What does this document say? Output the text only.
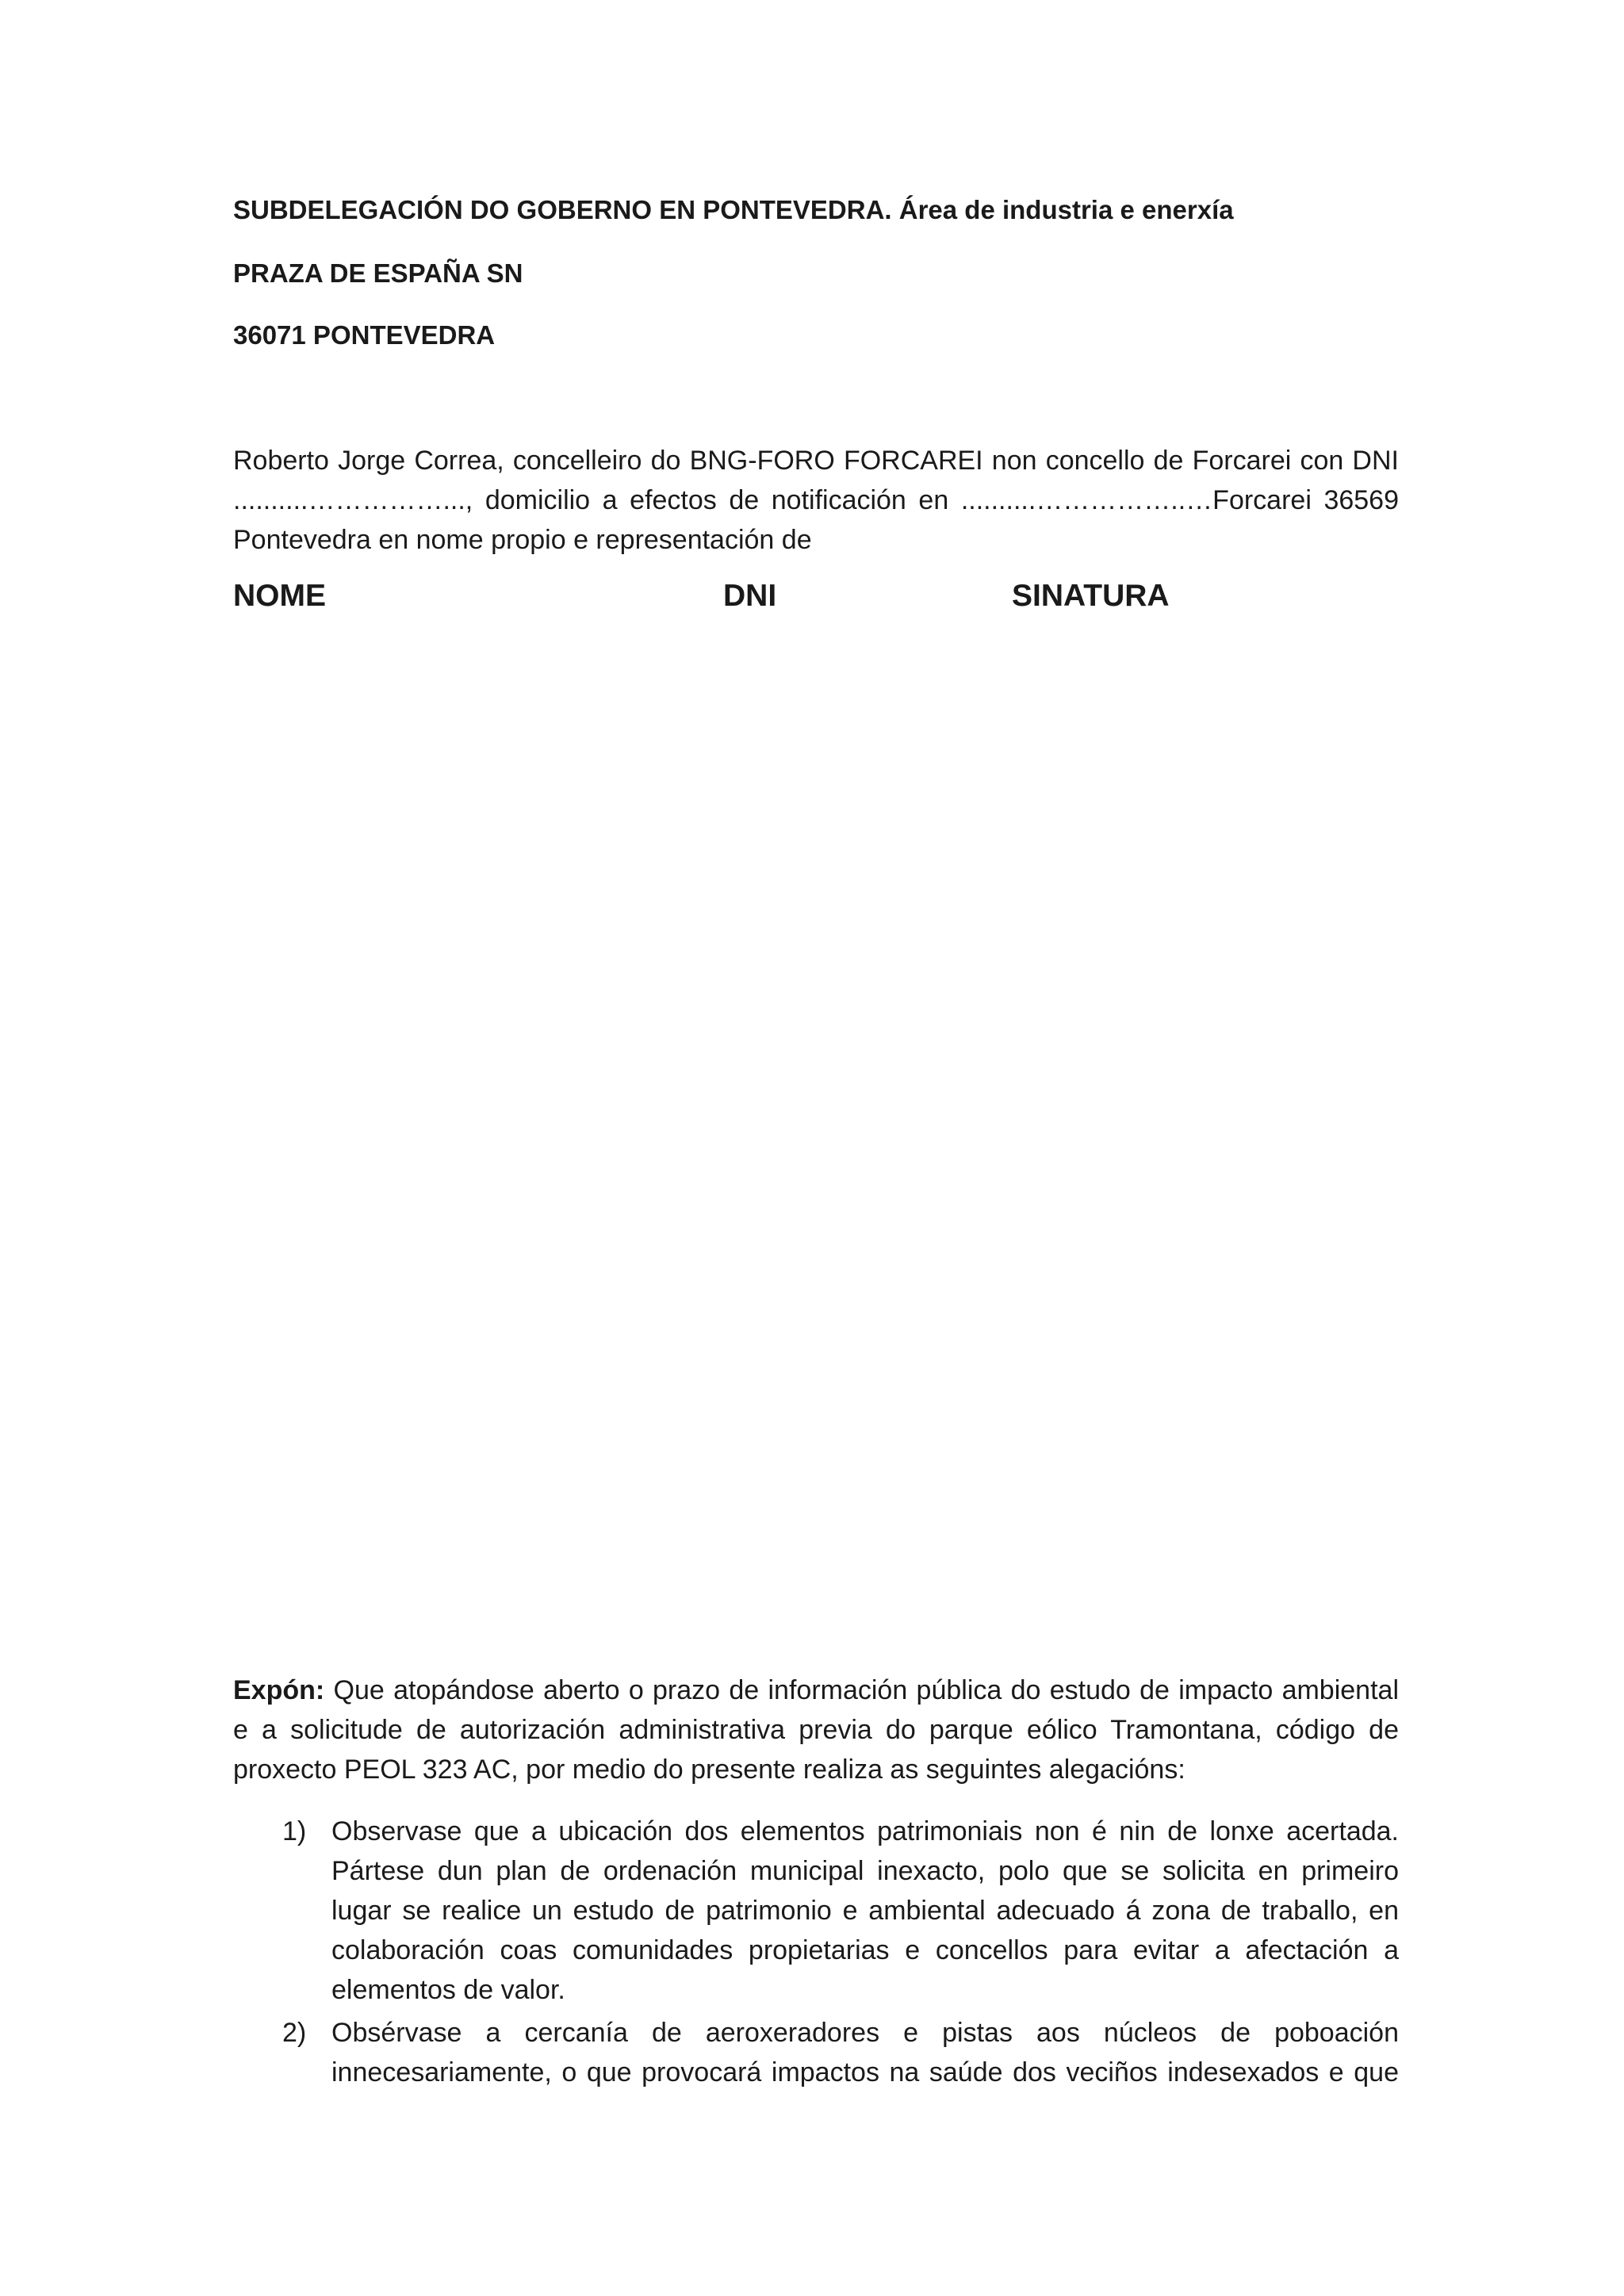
SUBDELEGACIÓN DO GOBERNO EN PONTEVEDRA. Área de industria e enerxía
PRAZA DE ESPAÑA SN
36071 PONTEVEDRA
Roberto Jorge Correa, concelleiro do BNG-FORO FORCAREI non concello de Forcarei con DNI
..........……………..., domicilio a efectos de notificación en ..........……………..…Forcarei 36569
Pontevedra en nome propio e representación de
NOME	DNI	SINATURA
Expón: Que atopándose aberto o prazo de información pública do estudo de impacto ambiental
e a solicitude de autorización administrativa previa do parque eólico Tramontana, código de
proxecto PEOL 323 AC, por medio do presente realiza as seguintes alegacións:
1) Observase que a ubicación dos elementos patrimoniais non é nin de lonxe acertada.
Pártese dun plan de ordenación municipal inexacto, polo que se solicita en primeiro
lugar se realice un estudo de patrimonio e ambiental adecuado á zona de traballo, en
colaboración coas comunidades propietarias e concellos para evitar a afectación a
elementos de valor.
2) Obsérvase a cercanía de aeroxeradores e pistas aos núcleos de poboación
innecesariamente, o que provocará impactos na saúde dos veciños indesexados e que
